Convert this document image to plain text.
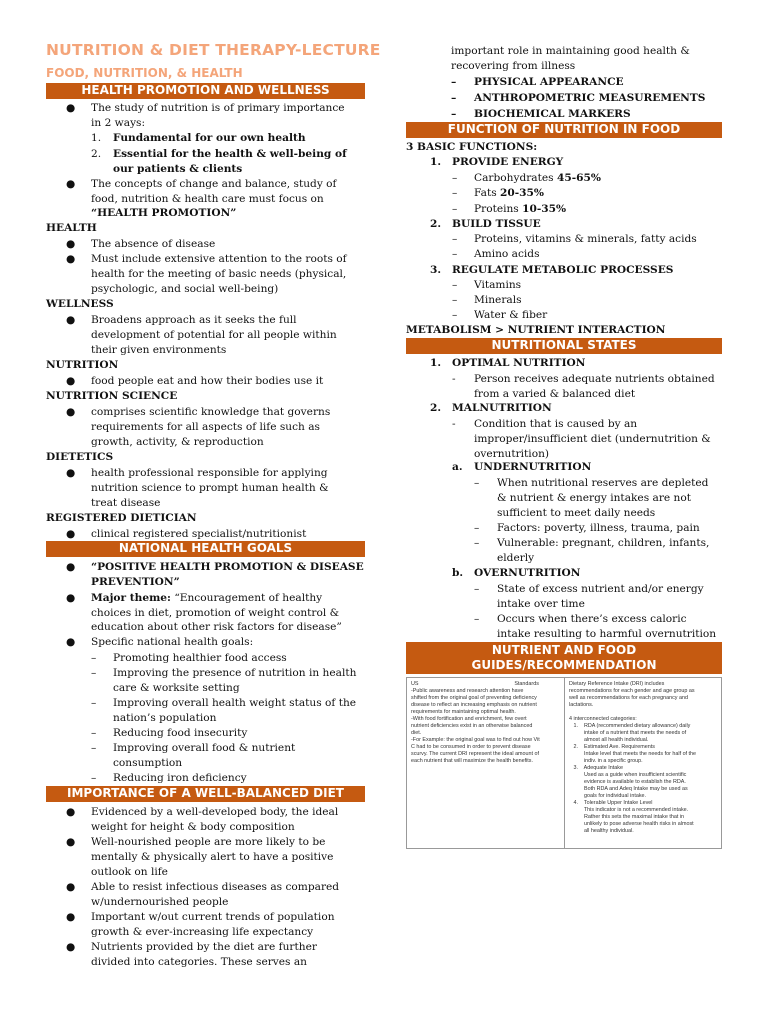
NUTRITION & DIET THERAPY-LECTURE
FOOD, NUTRITION, & HEALTH
HEALTH PROMOTION AND WELLNESS
● The study of nutrition is of primary importance
in 2 ways:
1. Fundamental for our own health
2. Essential for the health & well-being of
our patients & clients
● The concepts of change and balance, study of
food, nutrition & health care must focus on
“HEALTH PROMOTION”
HEALTH
● The absence of disease
● Must include extensive attention to the roots of
health for the meeting of basic needs (physical,
psychologic, and social well-being)
WELLNESS
● Broadens approach as it seeks the full
development of potential for all people within
their given environments
NUTRITION
● food people eat and how their bodies use it
NUTRITION SCIENCE
● comprises scientific knowledge that governs
requirements for all aspects of life such as
growth, activity, & reproduction
DIETETICS
● health professional responsible for applying
nutrition science to prompt human health &
treat disease
REGISTERED DIETICIAN
● clinical registered specialist/nutritionist
NATIONAL HEALTH GOALS
● “POSITIVE HEALTH PROMOTION & DISEASE
PREVENTION”
● Major theme: “Encouragement of healthy
choices in diet, promotion of weight control &
education about other risk factors for disease”
● Specific national health goals:
– Promoting healthier food access
– Improving the presence of nutrition in health
care & worksite setting
– Improving overall health weight status of the
nation’s population
– Reducing food insecurity
– Improving overall food & nutrient
consumption
– Reducing iron deficiency
IMPORTANCE OF A WELL-BALANCED DIET
● Evidenced by a well-developed body, the ideal
weight for height & body composition
● Well-nourished people are more likely to be
mentally & physically alert to have a positive
outlook on life
● Able to resist infectious diseases as compared
w/undernourished people
● Important w/out current trends of population
growth & ever-increasing life expectancy
● Nutrients provided by the diet are further
divided into categories. These serves an
important role in maintaining good health &
recovering from illness
– PHYSICAL APPEARANCE
– ANTHROPOMETRIC MEASUREMENTS
– BIOCHEMICAL MARKERS
FUNCTION OF NUTRITION IN FOOD
3 BASIC FUNCTIONS:
1. PROVIDE ENERGY
– Carbohydrates 45-65%
– Fats 20-35%
– Proteins 10-35%
2. BUILD TISSUE
– Proteins, vitamins & minerals, fatty acids
– Amino acids
3. REGULATE METABOLIC PROCESSES
– Vitamins
– Minerals
– Water & fiber
METABOLISM > NUTRIENT INTERACTION
NUTRITIONAL STATES
1. OPTIMAL NUTRITION
- Person receives adequate nutrients obtained
from a varied & balanced diet
2. MALNUTRITION
- Condition that is caused by an
improper/insufficient diet (undernutrition &
overnutrition)
a. UNDERNUTRITION
– When nutritional reserves are depleted
& nutrient & energy intakes are not
sufficient to meet daily needs
– Factors: poverty, illness, trauma, pain
– Vulnerable: pregnant, children, infants,
elderly
b. OVERNUTRITION
– State of excess nutrient and/or energy
intake over time
– Occurs when there’s excess caloric
intake resulting to harmful overnutrition
NUTRIENT AND FOOD
GUIDES/RECOMMENDATION
US                                                                Standards
-Public awareness and research attention have
shifted from the original goal of preventing deficiency
disease to reflect an increasing emphasis on nutrient
requirements for maintaining optimal health.
-With food fortification and enrichment, few overt
nutrient deficiencies exist in an otherwise balanced
diet.
-For Example: the original goal was to find out how Vit
C had to be consumed in order to prevent disease
scurvy. The current DRI represent the ideal amount of
each nutrient that will maximize the health benefits.
Dietary Reference Intake (DRI) includes
recommendations for each gender and age group as
well as recommendations for each pregnancy and
lactations.
4 interconnected categories:
1.    RDA (recommended dietary allowance) daily
intake of a nutrient that meets the needs of
almost all health individual.
2.    Estimated Ave. Requirements
Intake level that meets the needs for half of the
indiv. in a specific group.
3.    Adequate Intake
Used as a guide when insufficient scientific
evidence is available to establish the RDA.
Both RDA and Adeq Intake may be used as
goals for individual intake.
4.    Tolerable Upper Intake Level
This indicator is not a recommended intake.
Rather this sets the maximal intake that in
unlikely to pose adverse health risks in almost
all healthy individual.
